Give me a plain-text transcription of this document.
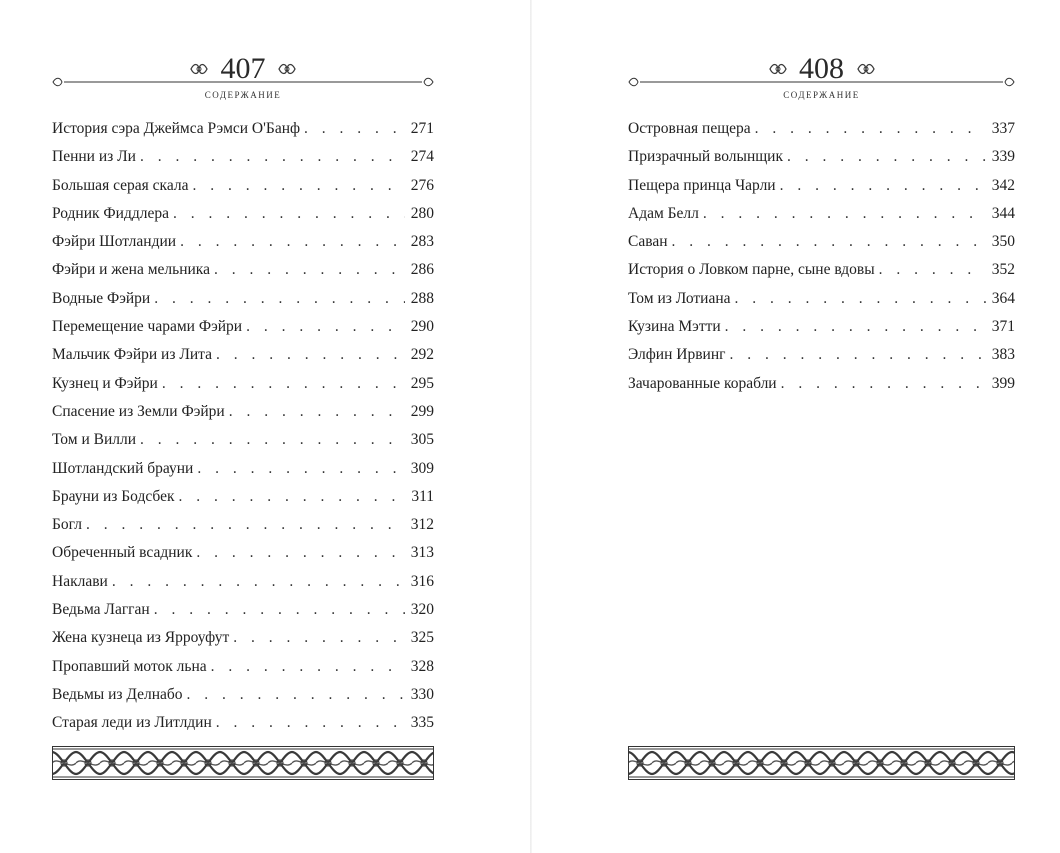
407
СОДЕРЖАНИЕ
История сэра Джеймса Рэмси О'Банф . . .	271
Пенни из Ли . . .	274
Большая серая скала . . .	276
Родник Фиддлера . . .	280
Фэйри Шотландии . . .	283
Фэйри и жена мельника . . .	286
Водные Фэйри . . .	288
Перемещение чарами Фэйри . . .	290
Мальчик Фэйри из Лита . . .	292
Кузнец и Фэйри . . .	295
Спасение из Земли Фэйри . . .	299
Том и Вилли . . .	305
Шотландский брауни . . .	309
Брауни из Бодсбек . . .	311
Богл . . .	312
Обреченный всадник . . .	313
Наклави . . .	316
Ведьма Лагган . . .	320
Жена кузнеца из Ярроуфут . . .	325
Пропавший моток льна . . .	328
Ведьмы из Делнабо . . .	330
Старая леди из Литлдин . . .	335
408
СОДЕРЖАНИЕ
Островная пещера . . .	337
Призрачный волынщик . . .	339
Пещера принца Чарли . . .	342
Адам Белл . . .	344
Саван . . .	350
История о Ловком парне, сыне вдовы . . .	352
Том из Лотиана . . .	364
Кузина Мэтти . . .	371
Элфин Ирвинг . . .	383
Зачарованные корабли . . .	399
